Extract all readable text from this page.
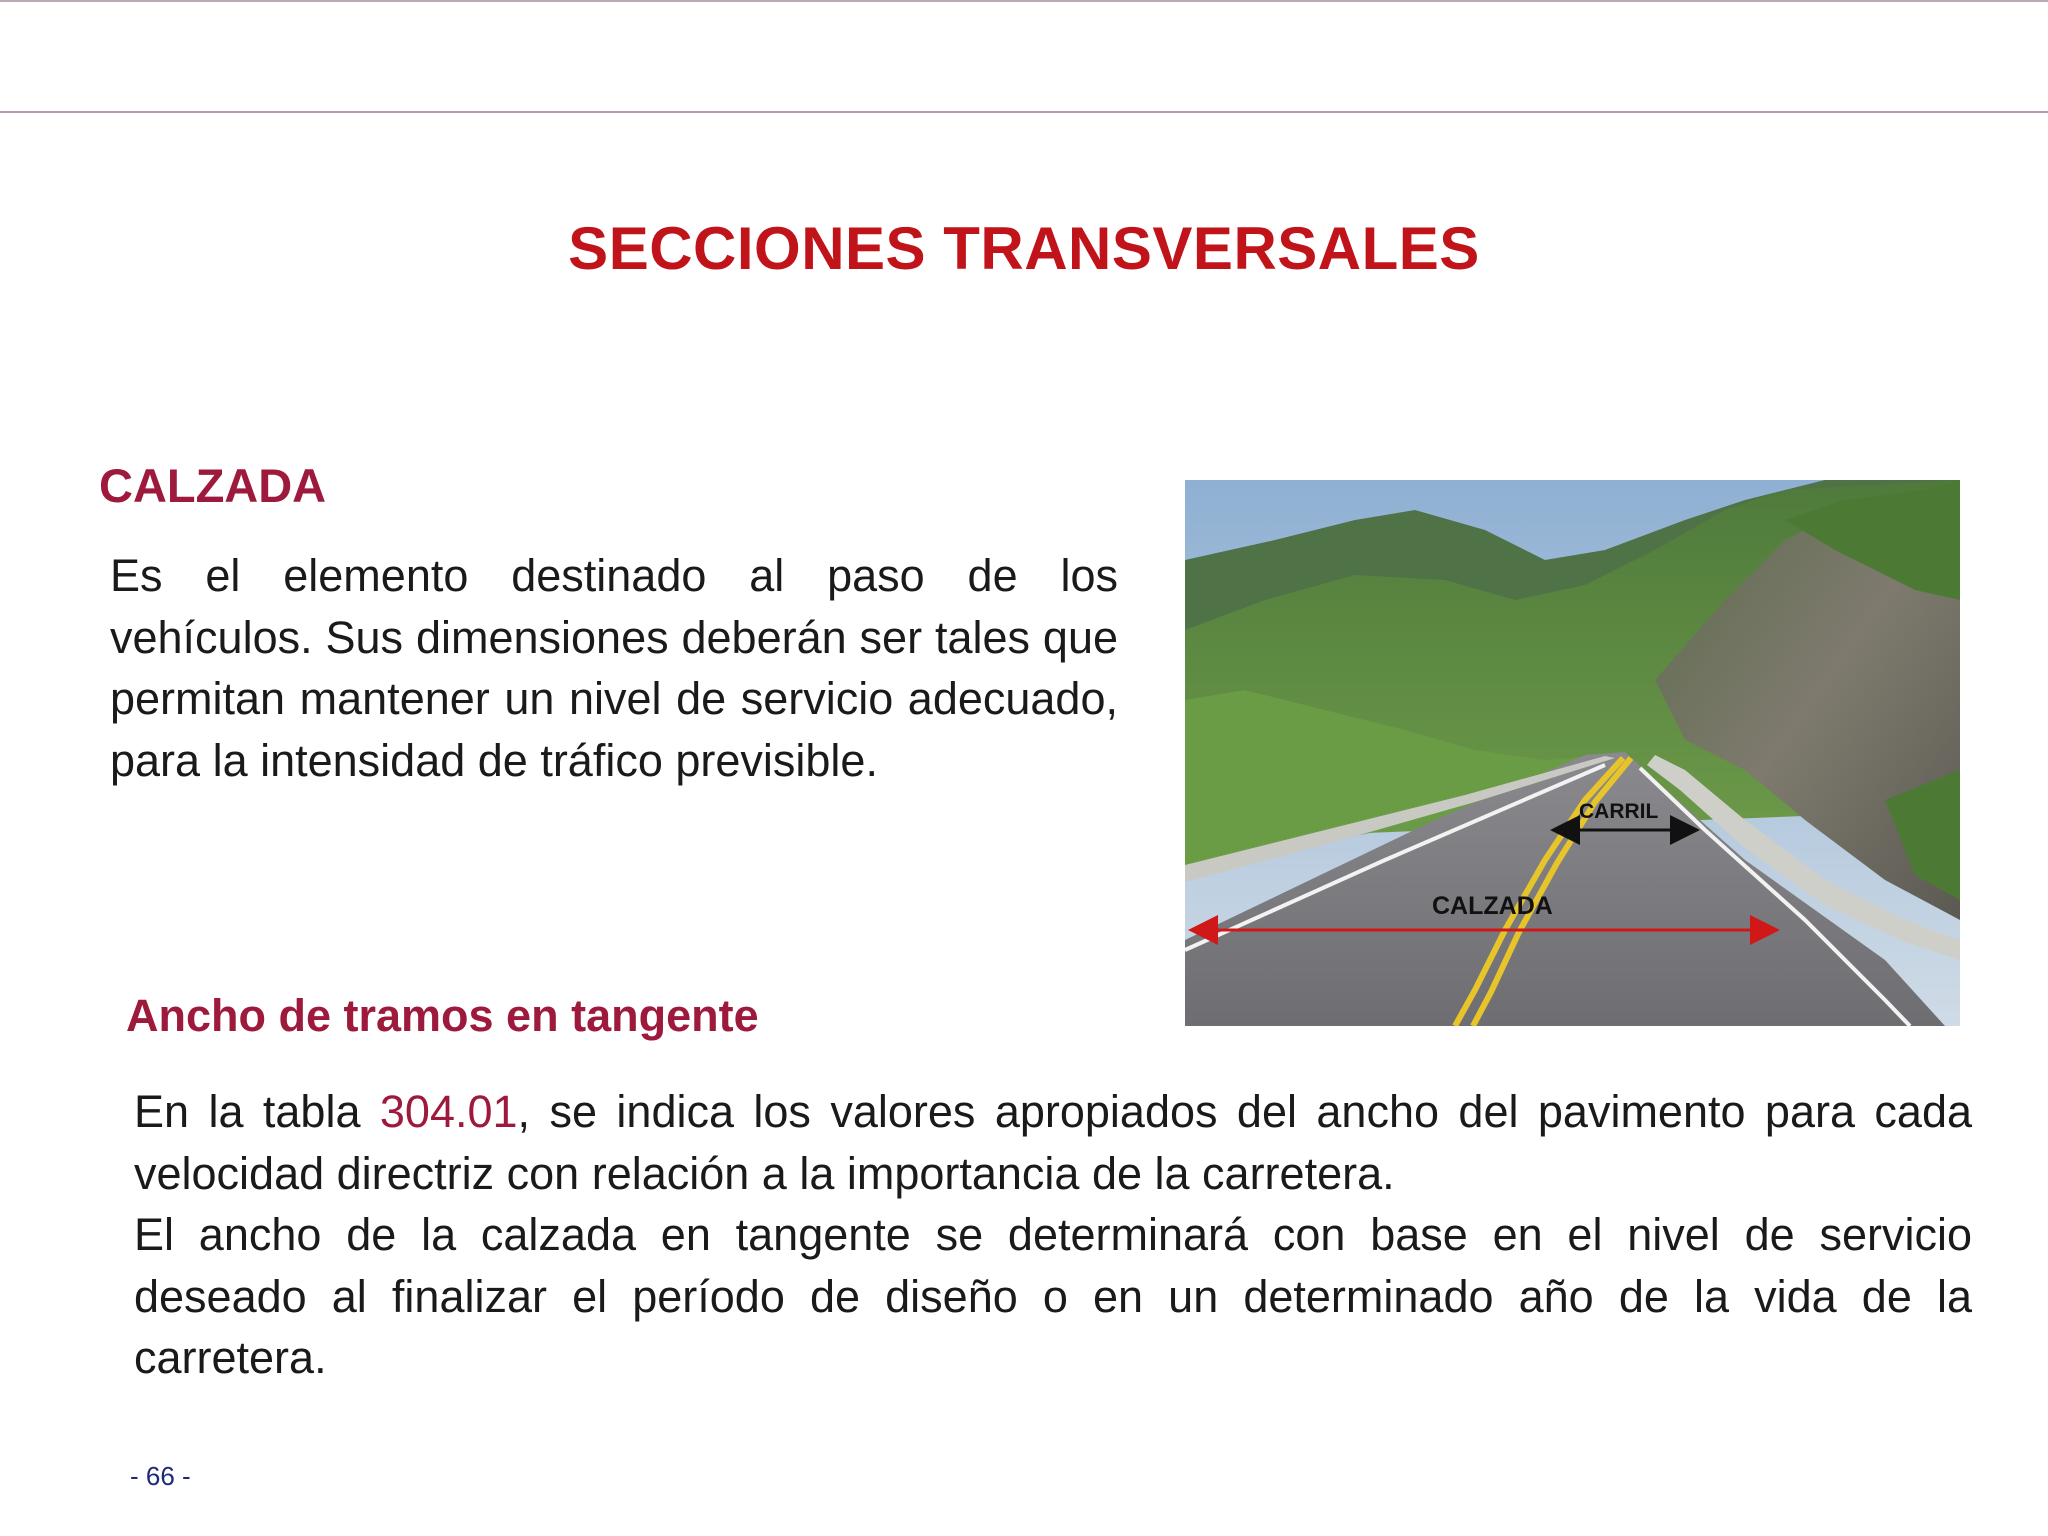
SECCIONES TRANSVERSALES
CALZADA

Es el elemento destinado al paso de los vehículos. Sus dimensiones deberán ser tales que permitan mantener un nivel de servicio adecuado, para la intensidad de tráfico previsible.

CARRIL
CALZADA
Ancho de tramos en tangente

En la tabla 304.01, se indica los valores apropiados del ancho del pavimento para cada velocidad directriz con relación a la importancia de la carretera.
El ancho de la calzada en tangente se determinará con base en el nivel de servicio deseado al finalizar el período de diseño o en un determinado año de la vida de la carretera.

- 66 -
